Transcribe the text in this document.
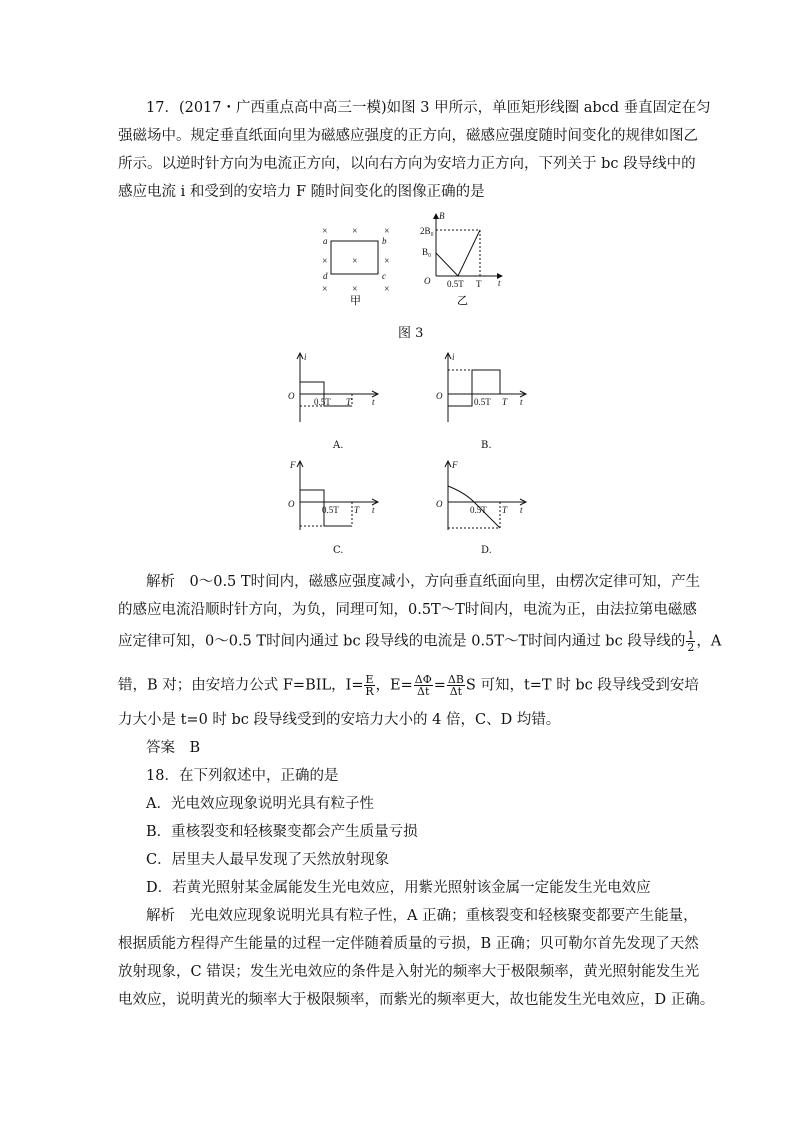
17．(2017・广西重点高中高三一模)如图 3 甲所示，单匝矩形线圈 abcd 垂直固定在匀
强磁场中。规定垂直纸面向里为磁感应强度的正方向，磁感应强度随时间变化的规律如图乙
所示。以逆时针方向为电流正方向，以向右方向为安培力正方向，下列关于 bc 段导线中的
感应电流 i 和受到的安培力 F 随时间变化的图像正确的是
× ×	×
× ×	×
× ×	×
a	b
d	c
甲
B
t
O
2B₀
B₀
0.5T T
乙
图 3
i
O
0.5T T t
A.
i
O
0.5T T t
B.
F
O
0.5T T t
C.
F
O
0.5T T t
D.
解析　0～0.5 T时间内，磁感应强度减小，方向垂直纸面向里，由楞次定律可知，产生
的感应电流沿顺时针方向，为负，同理可知，0.5T～T时间内，电流为正，由法拉第电磁感
应定律可知，0～0.5 T时间内通过 bc 段导线的电流是 0.5T～T时间内通过 bc 段导线的 $\frac{1}{2}$ ，A
错，B 对；由安培力公式 F=BIL，$I= \frac{E}{R}$ ，$E= \frac{\Delta\Phi}{\Delta t} = \frac{\Delta B}{\Delta t}$ S 可知，t=T 时 bc 段导线受到安培
力大小是 t=0 时 bc 段导线受到的安培力大小的 4 倍，C、D 均错。
答案　B
18．在下列叙述中，正确的是
A．光电效应现象说明光具有粒子性
B．重核裂变和轻核聚变都会产生质量亏损
C．居里夫人最早发现了天然放射现象
D．若黄光照射某金属能发生光电效应，用紫光照射该金属一定能发生光电效应
解析　光电效应现象说明光具有粒子性，A 正确；重核裂变和轻核聚变都要产生能量，
根据质能方程得产生能量的过程一定伴随着质量的亏损，B 正确；贝可勒尔首先发现了天然
放射现象，C 错误；发生光电效应的条件是入射光的频率大于极限频率，黄光照射能发生光
电效应，说明黄光的频率大于极限频率，而紫光的频率更大，故也能发生光电效应，D 正确。
